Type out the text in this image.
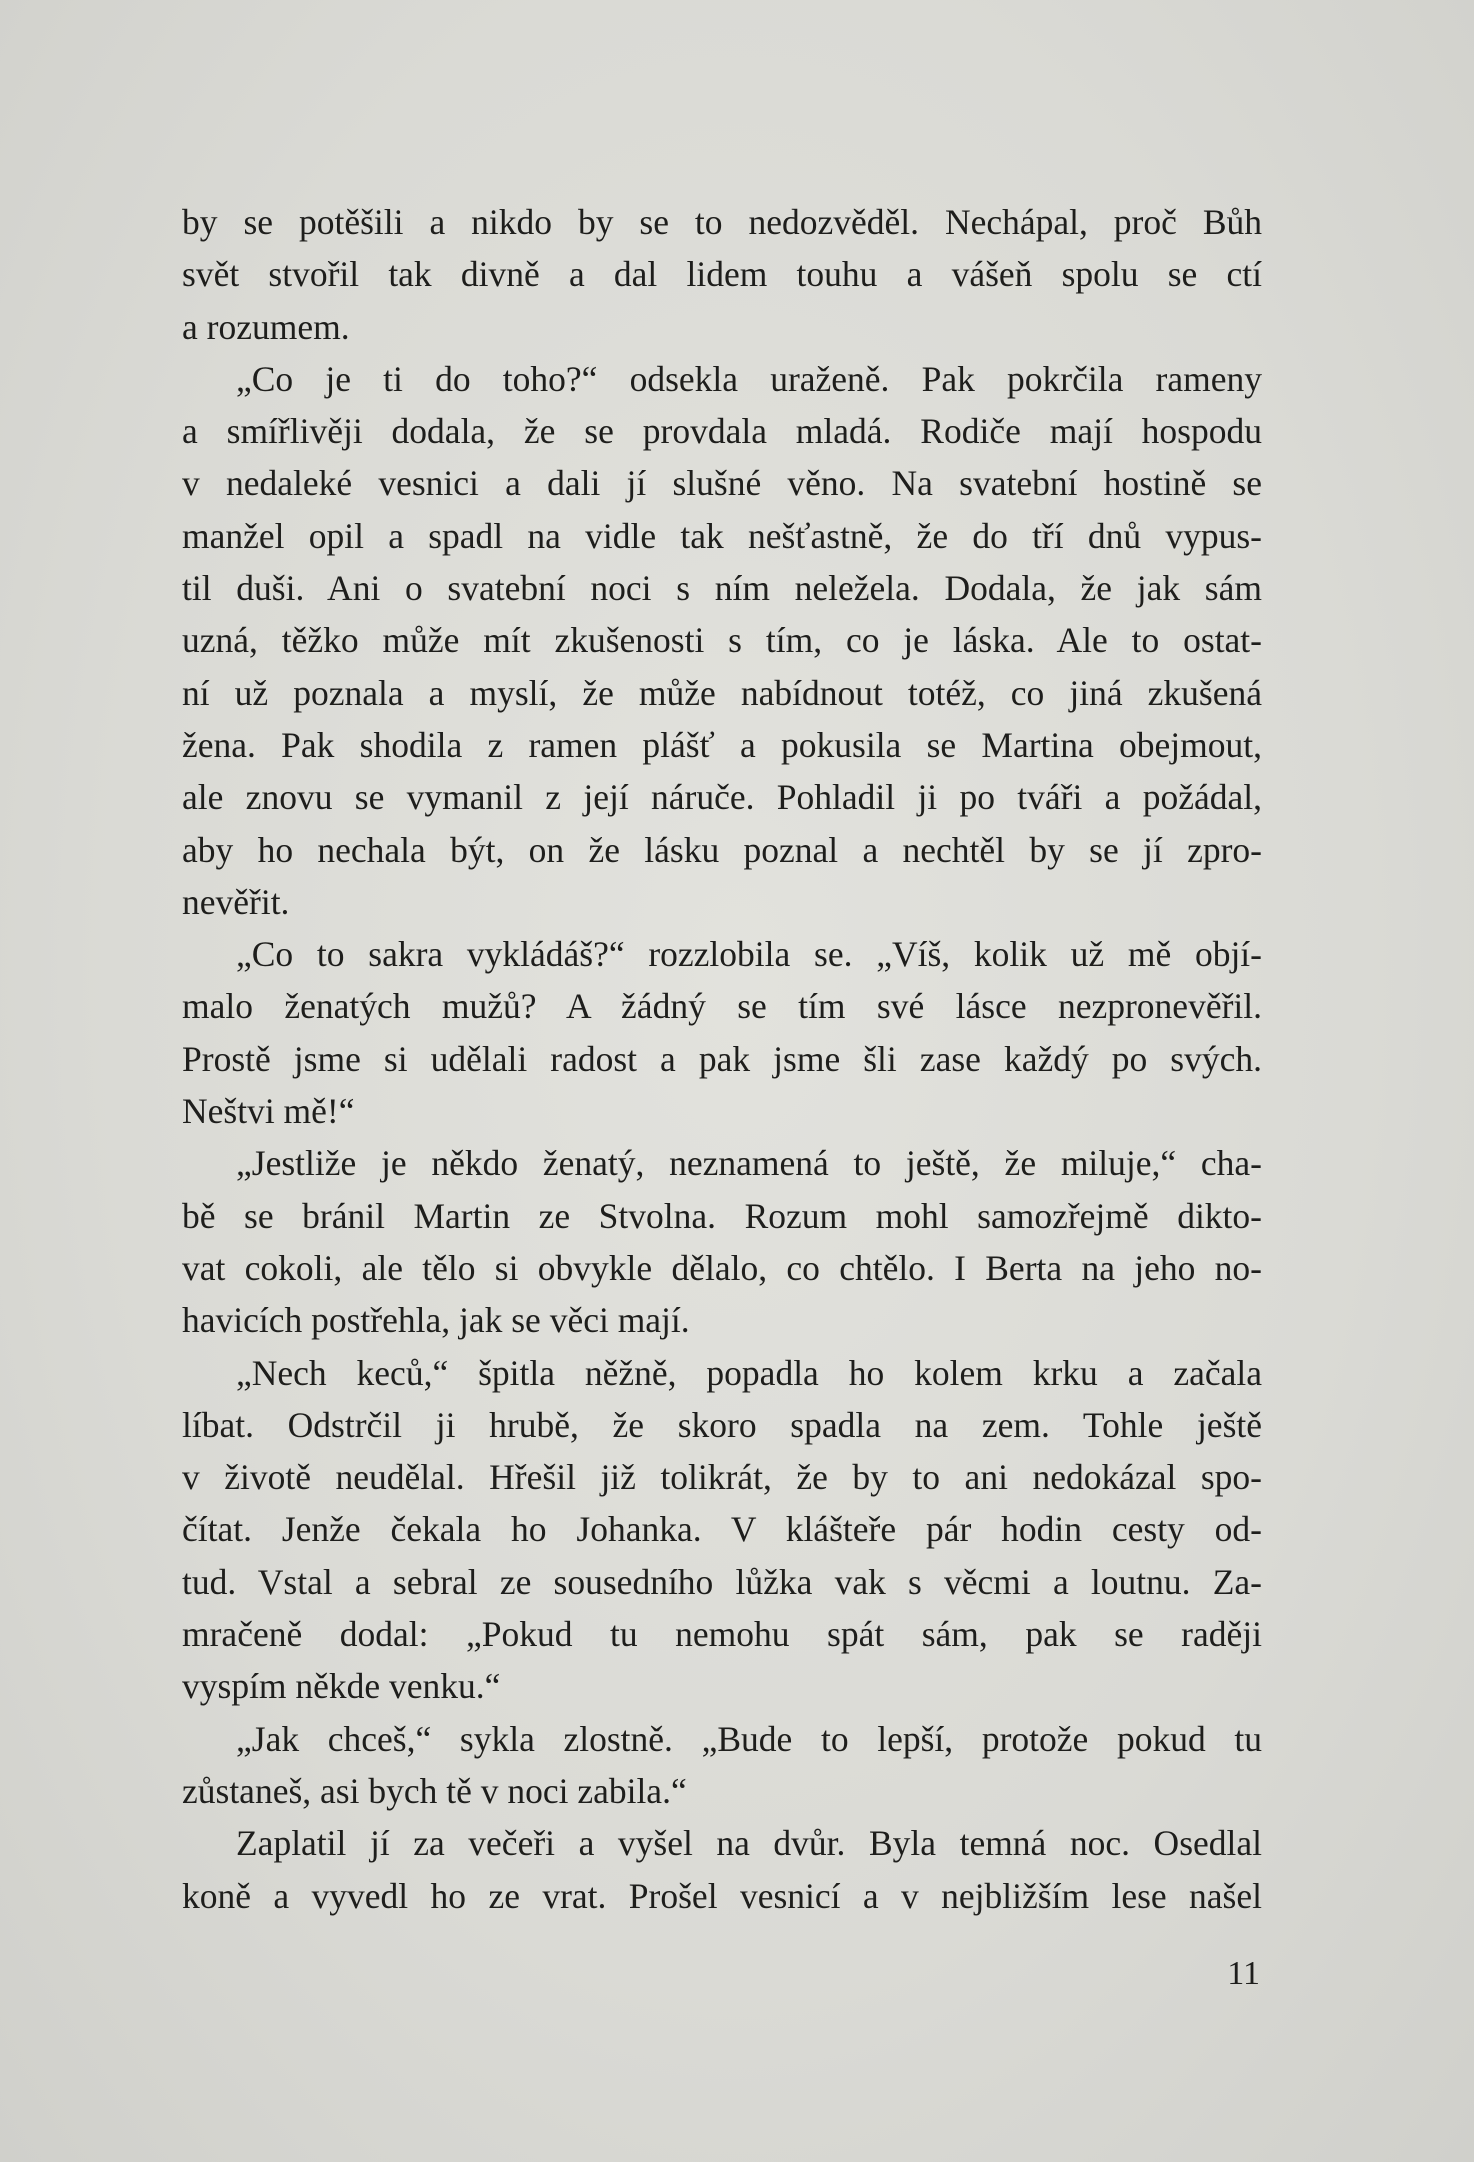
by se potěšili a nikdo by se to nedozvěděl. Nechápal, proč Bůh
svět stvořil tak divně a dal lidem touhu a vášeň spolu se ctí
a rozumem.
„Co je ti do toho?“ odsekla uraženě. Pak pokrčila rameny
a smířlivěji dodala, že se provdala mladá. Rodiče mají hospodu
v nedaleké vesnici a dali jí slušné věno. Na svatební hostině se
manžel opil a spadl na vidle tak nešťastně, že do tří dnů vypus-
til duši. Ani o svatební noci s ním neležela. Dodala, že jak sám
uzná, těžko může mít zkušenosti s tím, co je láska. Ale to ostat-
ní už poznala a myslí, že může nabídnout totéž, co jiná zkušená
žena. Pak shodila z ramen plášť a pokusila se Martina obejmout,
ale znovu se vymanil z její náruče. Pohladil ji po tváři a požádal,
aby ho nechala být, on že lásku poznal a nechtěl by se jí zpro-
nevěřit.
„Co to sakra vykládáš?“ rozzlobila se. „Víš, kolik už mě objí-
malo ženatých mužů? A žádný se tím své lásce nezpronevěřil.
Prostě jsme si udělali radost a pak jsme šli zase každý po svých.
Neštvi mě!“
„Jestliže je někdo ženatý, neznamená to ještě, že miluje,“ cha-
bě se bránil Martin ze Stvolna. Rozum mohl samozřejmě dikto-
vat cokoli, ale tělo si obvykle dělalo, co chtělo. I Berta na jeho no-
havicích postřehla, jak se věci mají.
„Nech keců,“ špitla něžně, popadla ho kolem krku a začala
líbat. Odstrčil ji hrubě, že skoro spadla na zem. Tohle ještě
v životě neudělal. Hřešil již tolikrát, že by to ani nedokázal spo-
čítat. Jenže čekala ho Johanka. V klášteře pár hodin cesty od-
tud. Vstal a sebral ze sousedního lůžka vak s věcmi a loutnu. Za-
mračeně dodal: „Pokud tu nemohu spát sám, pak se raději
vyspím někde venku.“
„Jak chceš,“ sykla zlostně. „Bude to lepší, protože pokud tu
zůstaneš, asi bych tě v noci zabila.“
Zaplatil jí za večeři a vyšel na dvůr. Byla temná noc. Osedlal
koně a vyvedl ho ze vrat. Prošel vesnicí a v nejbližším lese našel
11
